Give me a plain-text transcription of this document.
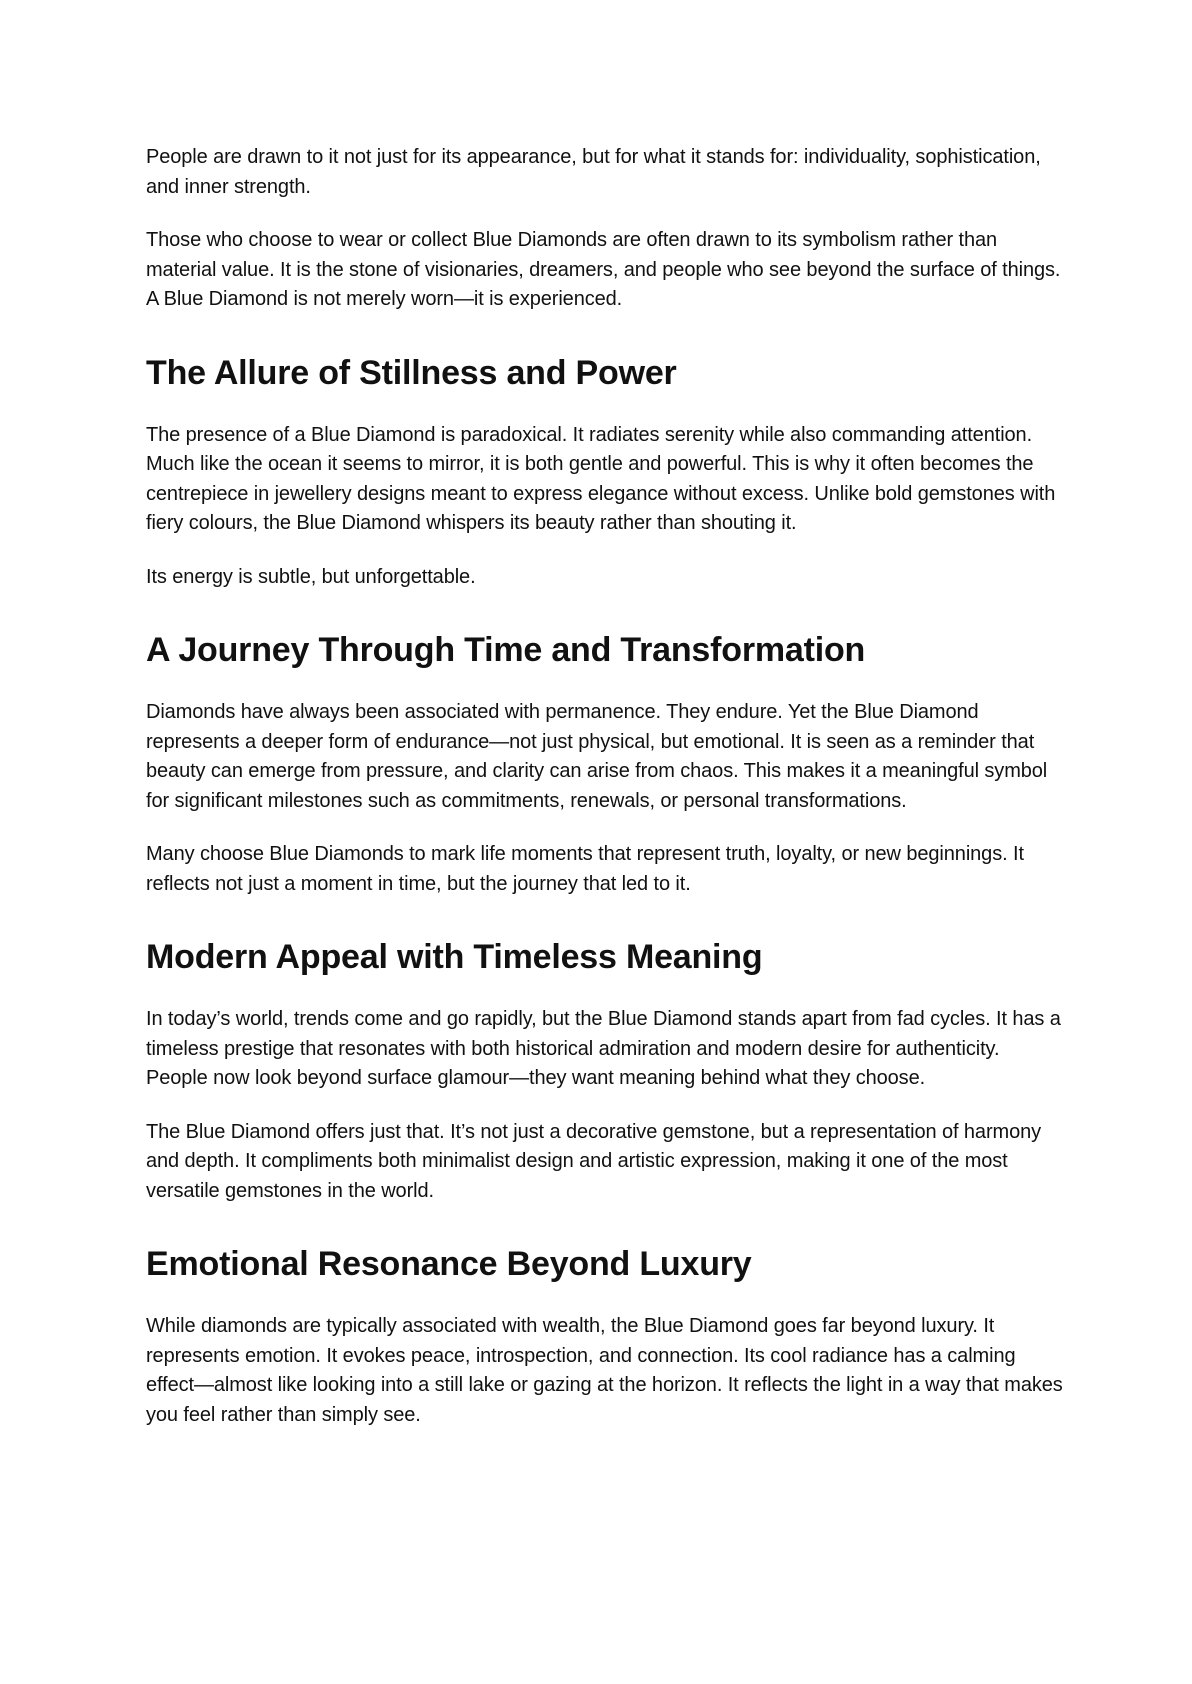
People are drawn to it not just for its appearance, but for what it stands for: individuality, sophistication, and inner strength.

Those who choose to wear or collect Blue Diamonds are often drawn to its symbolism rather than material value. It is the stone of visionaries, dreamers, and people who see beyond the surface of things. A Blue Diamond is not merely worn—it is experienced.

The Allure of Stillness and Power

The presence of a Blue Diamond is paradoxical. It radiates serenity while also commanding attention. Much like the ocean it seems to mirror, it is both gentle and powerful. This is why it often becomes the centrepiece in jewellery designs meant to express elegance without excess. Unlike bold gemstones with fiery colours, the Blue Diamond whispers its beauty rather than shouting it.

Its energy is subtle, but unforgettable.

A Journey Through Time and Transformation

Diamonds have always been associated with permanence. They endure. Yet the Blue Diamond represents a deeper form of endurance—not just physical, but emotional. It is seen as a reminder that beauty can emerge from pressure, and clarity can arise from chaos. This makes it a meaningful symbol for significant milestones such as commitments, renewals, or personal transformations.

Many choose Blue Diamonds to mark life moments that represent truth, loyalty, or new beginnings. It reflects not just a moment in time, but the journey that led to it.

Modern Appeal with Timeless Meaning

In today’s world, trends come and go rapidly, but the Blue Diamond stands apart from fad cycles. It has a timeless prestige that resonates with both historical admiration and modern desire for authenticity. People now look beyond surface glamour—they want meaning behind what they choose.

The Blue Diamond offers just that. It’s not just a decorative gemstone, but a representation of harmony and depth. It compliments both minimalist design and artistic expression, making it one of the most versatile gemstones in the world.

Emotional Resonance Beyond Luxury

While diamonds are typically associated with wealth, the Blue Diamond goes far beyond luxury. It represents emotion. It evokes peace, introspection, and connection. Its cool radiance has a calming effect—almost like looking into a still lake or gazing at the horizon. It reflects the light in a way that makes you feel rather than simply see.
